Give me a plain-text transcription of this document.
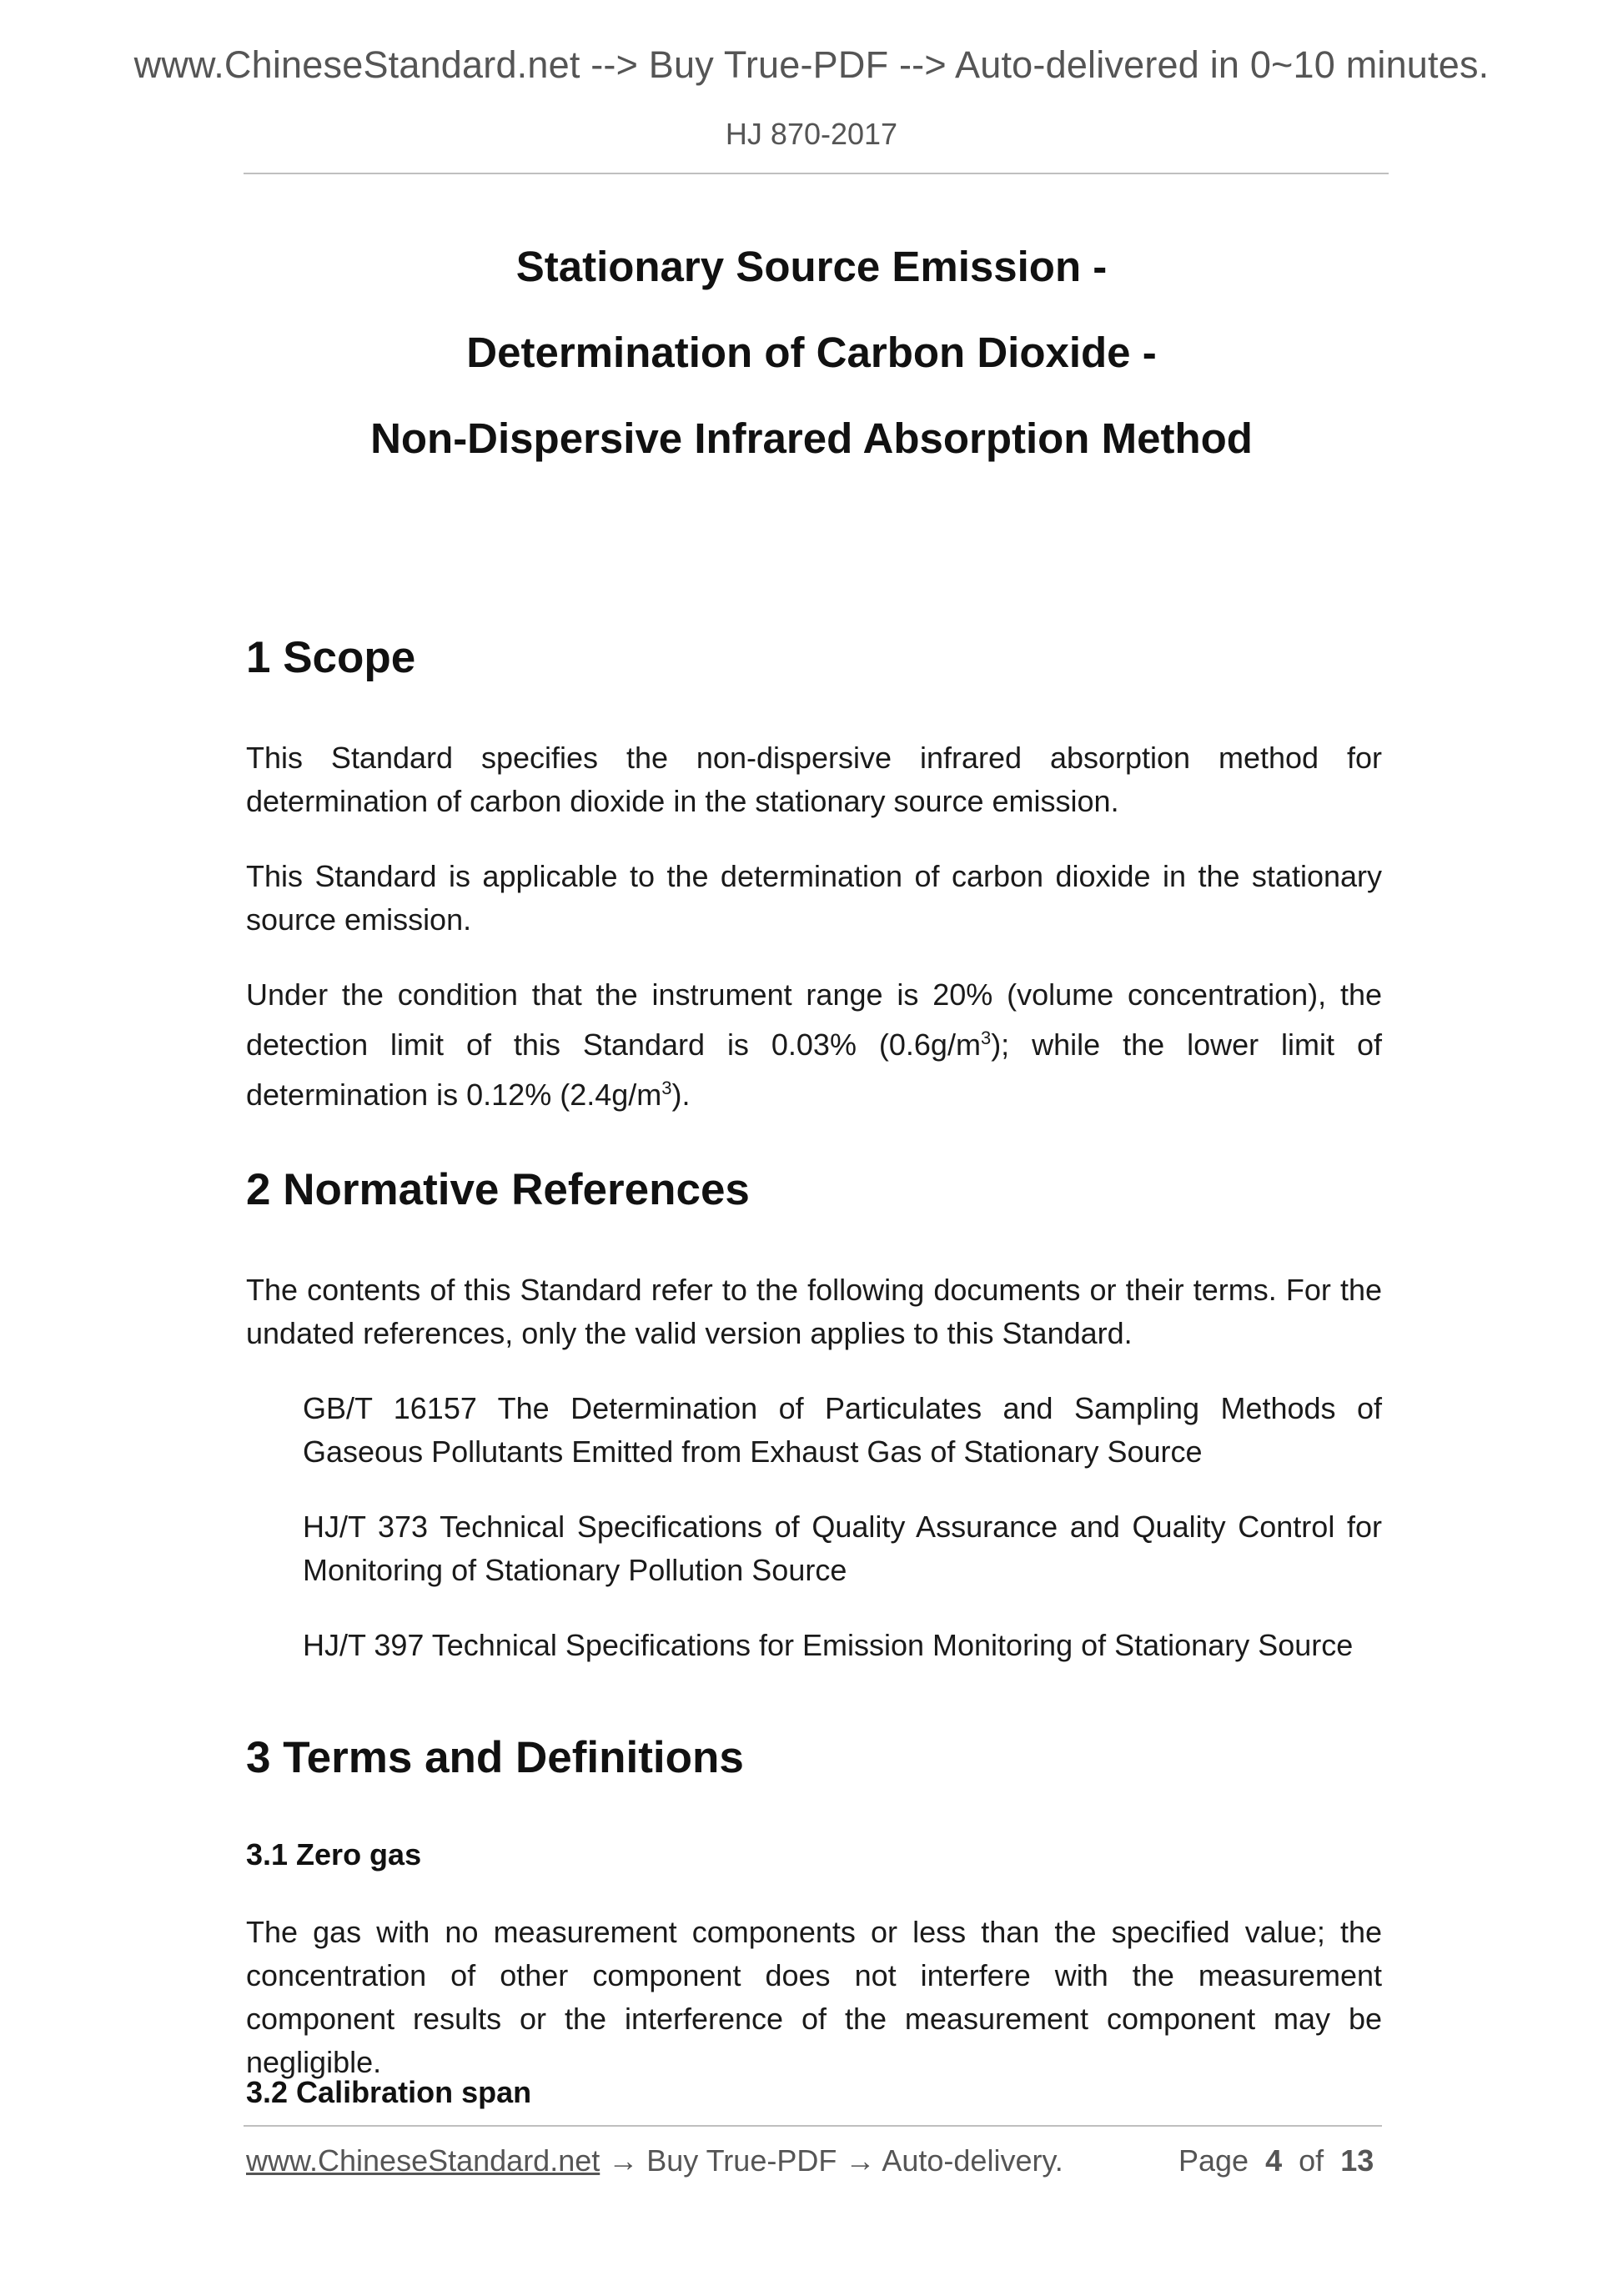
www.ChineseStandard.net --> Buy True-PDF --> Auto-delivered in 0~10 minutes.
HJ 870-2017
Stationary Source Emission -
Determination of Carbon Dioxide -
Non-Dispersive Infrared Absorption Method
1 Scope
This Standard specifies the non-dispersive infrared absorption method for determination of carbon dioxide in the stationary source emission.
This Standard is applicable to the determination of carbon dioxide in the stationary source emission.
Under the condition that the instrument range is 20% (volume concentration), the detection limit of this Standard is 0.03% $(0.6g/m^3)$; while the lower limit of determination is 0.12% $(2.4g/m^3)$.
2 Normative References
The contents of this Standard refer to the following documents or their terms. For the undated references, only the valid version applies to this Standard.
GB/T 16157 The Determination of Particulates and Sampling Methods of Gaseous Pollutants Emitted from Exhaust Gas of Stationary Source
HJ/T 373 Technical Specifications of Quality Assurance and Quality Control for Monitoring of Stationary Pollution Source
HJ/T 397 Technical Specifications for Emission Monitoring of Stationary Source
3 Terms and Definitions
3.1 Zero gas
The gas with no measurement components or less than the specified value; the concentration of other component does not interfere with the measurement component results or the interference of the measurement component may be negligible.
3.2 Calibration span
www.ChineseStandard.net → Buy True-PDF → Auto-delivery.	Page 4 of 13
